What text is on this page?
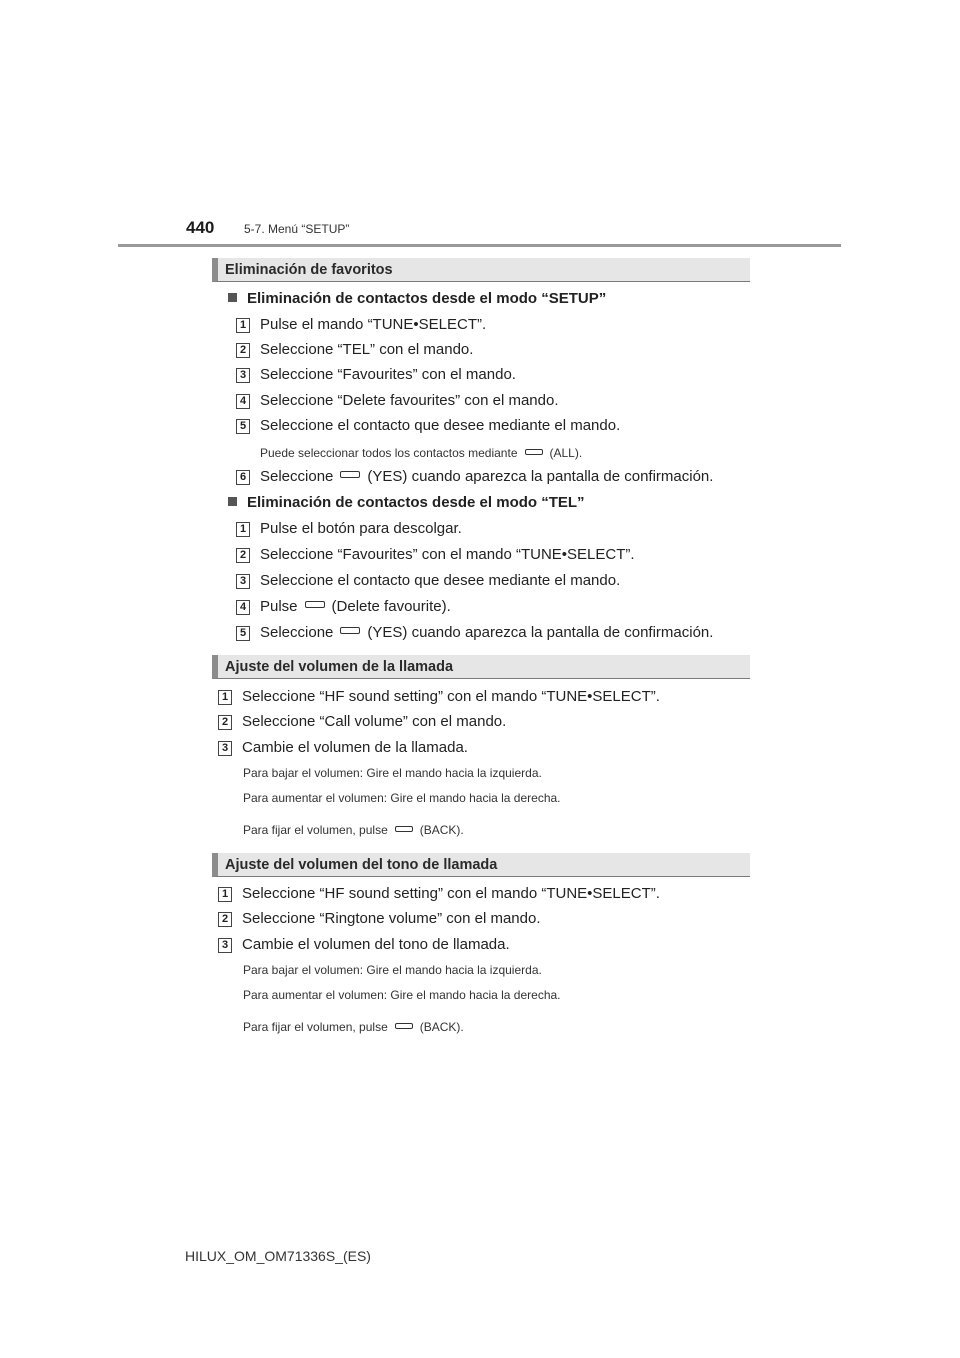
440 5-7. Menú “SETUP”
Eliminación de favoritos
Eliminación de contactos desde el modo “SETUP”
1 Pulse el mando “TUNE•SELECT”.
2 Seleccione “TEL” con el mando.
3 Seleccione “Favourites” con el mando.
4 Seleccione “Delete favourites” con el mando.
5 Seleccione el contacto que desee mediante el mando.
Puede seleccionar todos los contactos mediante	(ALL).
6 Seleccione (YES) cuando aparezca la pantalla de confirmación.
Eliminación de contactos desde el modo “TEL”
1 Pulse el botón para descolgar.
2 Seleccione “Favourites” con el mando “TUNE•SELECT”.
3 Seleccione el contacto que desee mediante el mando.
4 Pulse (Delete favourite).
5 Seleccione (YES) cuando aparezca la pantalla de confirmación.
Ajuste del volumen de la llamada
1 Seleccione “HF sound setting” con el mando “TUNE•SELECT”.
2 Seleccione “Call volume” con el mando.
3 Cambie el volumen de la llamada.
Para bajar el volumen: Gire el mando hacia la izquierda.
Para aumentar el volumen: Gire el mando hacia la derecha.
Para fijar el volumen, pulse	(BACK).
Ajuste del volumen del tono de llamada
1 Seleccione “HF sound setting” con el mando “TUNE•SELECT”.
2 Seleccione “Ringtone volume” con el mando.
3 Cambie el volumen del tono de llamada.
Para bajar el volumen: Gire el mando hacia la izquierda.
Para aumentar el volumen: Gire el mando hacia la derecha.
Para fijar el volumen, pulse	(BACK).
HILUX_OM_OM71336S_(ES)
